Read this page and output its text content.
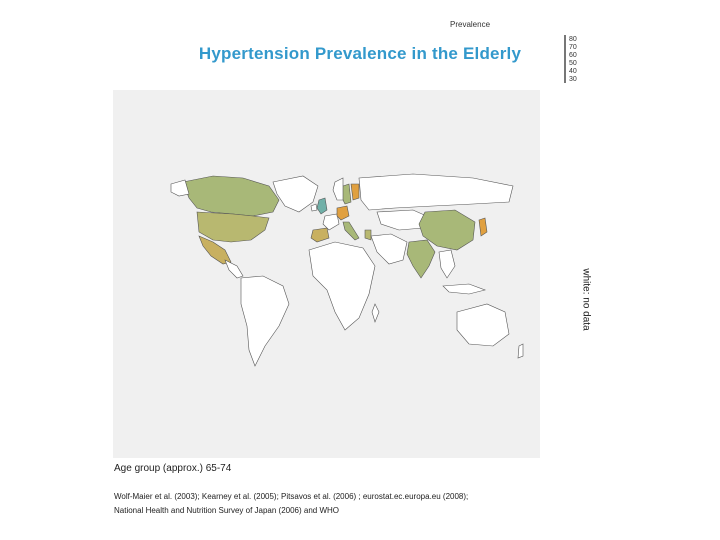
Hypertension Prevalence in the Elderly
Prevalence
80
70
60
50
40
30
white: no data
Age group (approx.) 65-74
Wolf-Maier et al. (2003); Kearney et al. (2005); Pitsavos et al. (2006) ; eurostat.ec.europa.eu (2008);
National Health and Nutrition Survey of Japan (2006) and WHO
